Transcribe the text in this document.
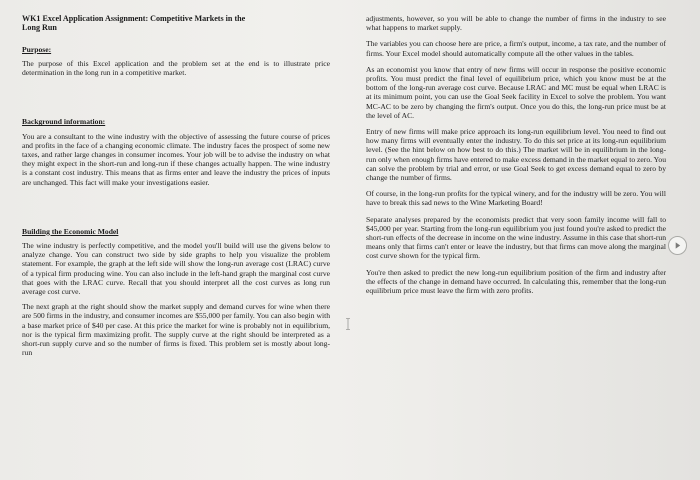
WK1 Excel Application Assignment: Competitive Markets in the
Long Run
Purpose:

The purpose of this Excel application and the problem set at the end is to illustrate price determination in the long run in a competitive market.

Background information:

You are a consultant to the wine industry with the objective of assessing the future course of prices and profits in the face of a changing economic climate. The industry faces the prospect of some new taxes, and rather large changes in consumer incomes. Your job will be to advise the industry on what they might expect in the short-run and long-run if these changes actually happen. The wine industry is a constant cost industry. This means that as firms enter and leave the industry the prices of inputs are unchanged. This fact will make your investigations easier.

Building the Economic Model

The wine industry is perfectly competitive, and the model you'll build will use the givens below to analyze change. You can construct two side by side graphs to help you visualize the problem statement. For example, the graph at the left side will show the long-run average cost (LRAC) curve of a typical firm producing wine. You can also include in the left-hand graph the marginal cost curve that goes with the LRAC curve. Recall that you should interpret all the cost curves as long run average cost curve.

The next graph at the right should show the market supply and demand curves for wine when there are 500 firms in the industry, and consumer incomes are $55,000 per family. You can also begin with a base market price of $40 per case. At this price the market for wine is probably not in equilibrium, nor is the typical firm maximizing profit. The supply curve at the right should be interpreted as a short-run supply curve and so the number of firms is fixed. This problem set is mostly about long-run

adjustments, however, so you will be able to change the number of firms in the industry to see what happens to market supply.

The variables you can choose here are price, a firm's output, income, a tax rate, and the number of firms. Your Excel model should automatically compute all the other values in the tables.

As an economist you know that entry of new firms will occur in response the positive economic profits. You must predict the final level of equilibrium price, which you know must be at the bottom of the long-run average cost curve. Because LRAC and MC must be equal when LRAC is at its minimum point, you can use the Goal Seek facility in Excel to solve the problem. You want MC-AC to be zero by changing the firm's output. Once you do this, the long-run price must be at the level of AC.

Entry of new firms will make price approach its long-run equilibrium level. You need to find out how many firms will eventually enter the industry. To do this set price at its long-run equilibrium level. (See the hint below on how best to do this.) The market will be in equilibrium in the long-run only when enough firms have entered to make excess demand in the market equal to zero. You can solve the problem by trial and error, or use Goal Seek to get excess demand equal to zero by change the number of firms.

Of course, in the long-run profits for the typical winery, and for the industry will be zero. You will have to break this sad news to the Wine Marketing Board!

Separate analyses prepared by the economists predict that very soon family income will fall to $45,000 per year. Starting from the long-run equilibrium you just found you're asked to predict the short-run effects of the decrease in income on the wine industry. Assume in this case that short-run means only that firms can't enter or leave the industry, but that firms can move along the marginal cost curve shown for the typical firm.

You're then asked to predict the new long-run equilibrium position of the firm and industry after the effects of the change in demand have occurred. In calculating this, remember that the long-run equilibrium price must leave the firm with zero profits.
